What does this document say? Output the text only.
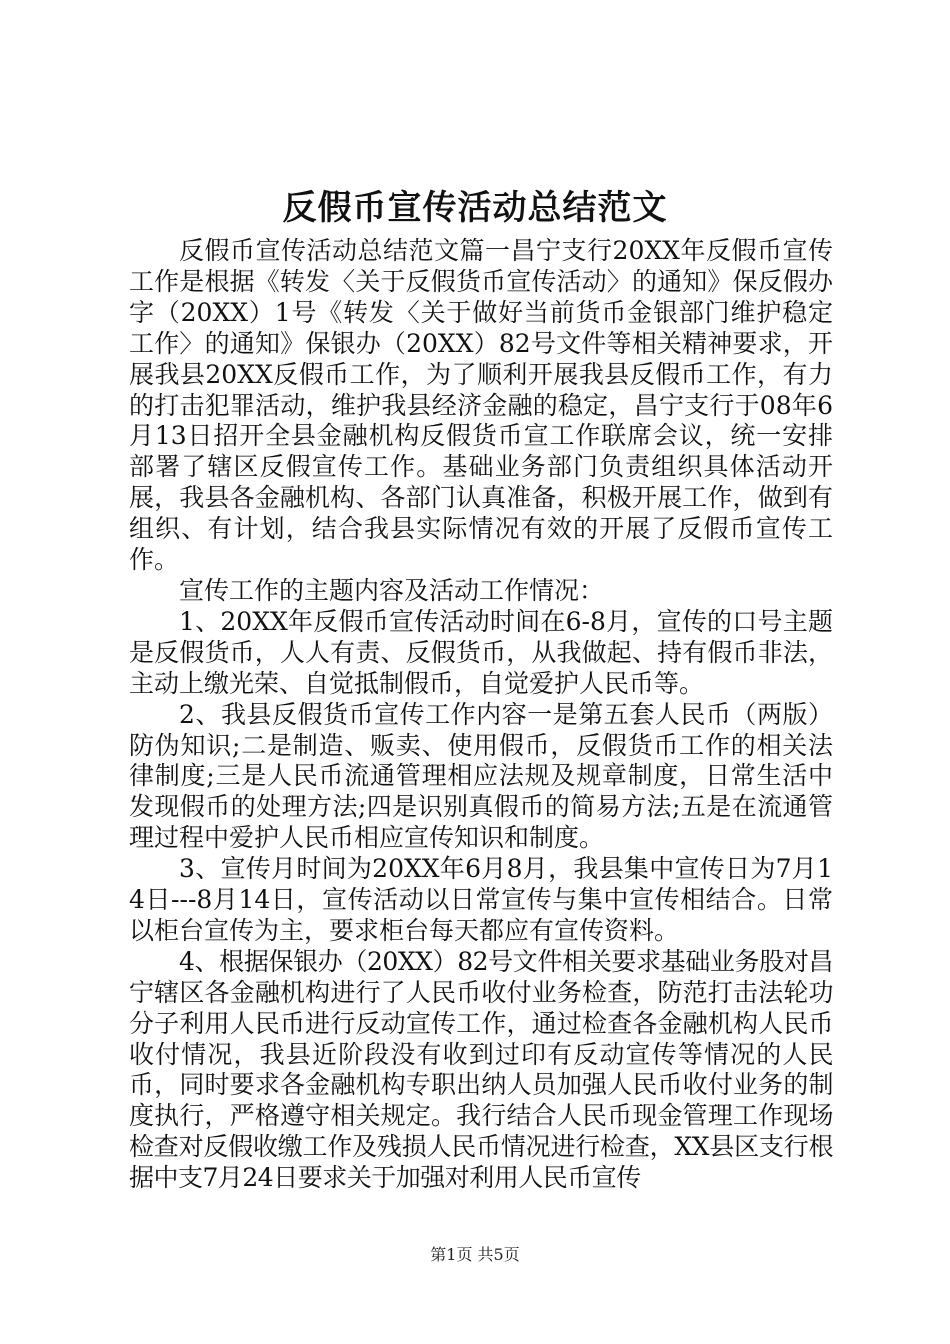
反假币宣传活动总结范文

反假币宣传活动总结范文篇一昌宁支行20XX年反假币宣传工作是根据《转发〈关于反假货币宣传活动〉的通知》保反假办字（20XX）1号《转发〈关于做好当前货币金银部门维护稳定工作〉的通知》保银办（20XX）82号文件等相关精神要求，开展我县20XX反假币工作，为了顺利开展我县反假币工作，有力的打击犯罪活动，维护我县经济金融的稳定，昌宁支行于08年6月13日招开全县金融机构反假货币宣工作联席会议，统一安排部署了辖区反假宣传工作。基础业务部门负责组织具体活动开展，我县各金融机构、各部门认真准备，积极开展工作，做到有组织、有计划，结合我县实际情况有效的开展了反假币宣传工作。

宣传工作的主题内容及活动工作情况：

1、20XX年反假币宣传活动时间在6-8月，宣传的口号主题是反假货币，人人有责、反假货币，从我做起、持有假币非法，主动上缴光荣、自觉抵制假币，自觉爱护人民币等。

2、我县反假货币宣传工作内容一是第五套人民币（两版）防伪知识;二是制造、贩卖、使用假币，反假货币工作的相关法律制度;三是人民币流通管理相应法规及规章制度，日常生活中发现假币的处理方法;四是识别真假币的简易方法;五是在流通管理过程中爱护人民币相应宣传知识和制度。

3、宣传月时间为20XX年6月8月，我县集中宣传日为7月14日---8月14日，宣传活动以日常宣传与集中宣传相结合。日常以柜台宣传为主，要求柜台每天都应有宣传资料。

4、根据保银办（20XX）82号文件相关要求基础业务股对昌宁辖区各金融机构进行了人民币收付业务检查，防范打击法轮功分子利用人民币进行反动宣传工作，通过检查各金融机构人民币收付情况，我县近阶段没有收到过印有反动宣传等情况的人民币，同时要求各金融机构专职出纳人员加强人民币收付业务的制度执行，严格遵守相关规定。我行结合人民币现金管理工作现场检查对反假收缴工作及残损人民币情况进行检查，XX县区支行根据中支7月24日要求关于加强对利用人民币宣传

第1页 共5页
